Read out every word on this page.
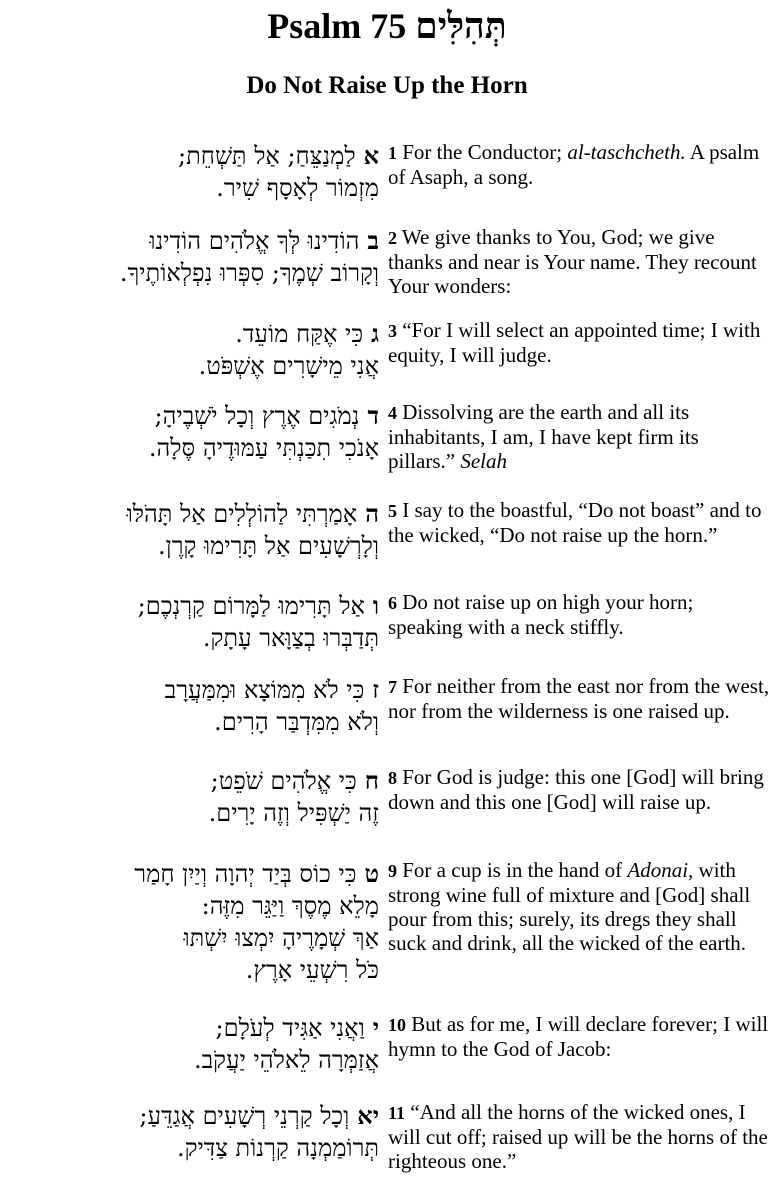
Psalm 75 תְּהִלִּים
Do Not Raise Up the Horn
אלַמְנַצֵּחַ; אַל תַּשְׁחֵת;
מִזְמוֹר לְאָסָף שִׁיר.
1 For the Conductor; al-taschcheth. A psalm of Asaph, a song.
בהוֹדִינוּ לְּךָ אֱלֹהִים הוֹדִינוּ
וְקָרוֹב שְׁמֶךָ; סִפְּרוּ נִפְלְאוֹתֶיךָ.
2 We give thanks to You, God; we give thanks and near is Your name. They recount Your wonders:
גכִּי אֶקַּח מוֹעֵד.
אֲנִי מֵישָׁרִים אֶשְׁפֹּט.
3 “For I will select an appointed time; I with equity, I will judge.
דנְמֹגִים אֶרֶץ וְכָל יֹשְׁבֶיהָ;
אָנֹכִי תִכַּנְתִּי עַמּוּדֶיהָ סֶּלָה.
4 Dissolving are the earth and all its inhabitants, I am, I have kept firm its pillars.” Selah
האָמַרְתִּי לַהוֹלְלִים אַל תָּהֹלּוּ
וְלָרְשָׁעִים אַל תָּרִימוּ קָרֶן.
5 I say to the boastful, “Do not boast” and to the wicked, “Do not raise up the horn.”
ואַל תָּרִימוּ לַמָּרוֹם קַרְנְכֶם;
תְּדַבְּרוּ בְצַוָּאר עָתָק.
6 Do not raise up on high your horn; speaking with a neck stiffly.
זכִּי לֹא מִמּוֹצָא וּמִמַּעֲרָב
וְלֹא מִמִּדְבַּר הָרִים.
7 For neither from the east nor from the west, nor from the wilderness is one raised up.
חכִּי אֱלֹהִים שֹׁפֵט;
זֶה יַשְׁפִּיל וְזֶה יָרִים.
8 For God is judge: this one [God] will bring down and this one [God] will raise up.
טכִּי כוֹס בְּיַד יְהוָה וְיַיִן חָמַר
מָלֵא מֶסֶךְ וַיַּגֵּר מִזֶּה:
אַךְ שְׁמָרֶיהָ יִמְצוּ יִשְׁתּוּ
כֹּל רִשְׁעֵי אָרֶץ.
9 For a cup is in the hand of Adonai, with strong wine full of mixture and [God] shall pour from this; surely, its dregs they shall suck and drink, all the wicked of the earth.
יוַאֲנִי אַגִּיד לְעֹלָם;
אֲזַמְּרָה לֵאלֹהֵי יַעֲקֹב.
10 But as for me, I will declare forever; I will hymn to the God of Jacob:
יאוְכָל קַרְנֵי רְשָׁעִים אֲגַדֵּעַ;
תְּרוֹמַמְנָה קַרְנוֹת צַדִּיק.
11 “And all the horns of the wicked ones, I will cut off; raised up will be the horns of the righteous one.”
